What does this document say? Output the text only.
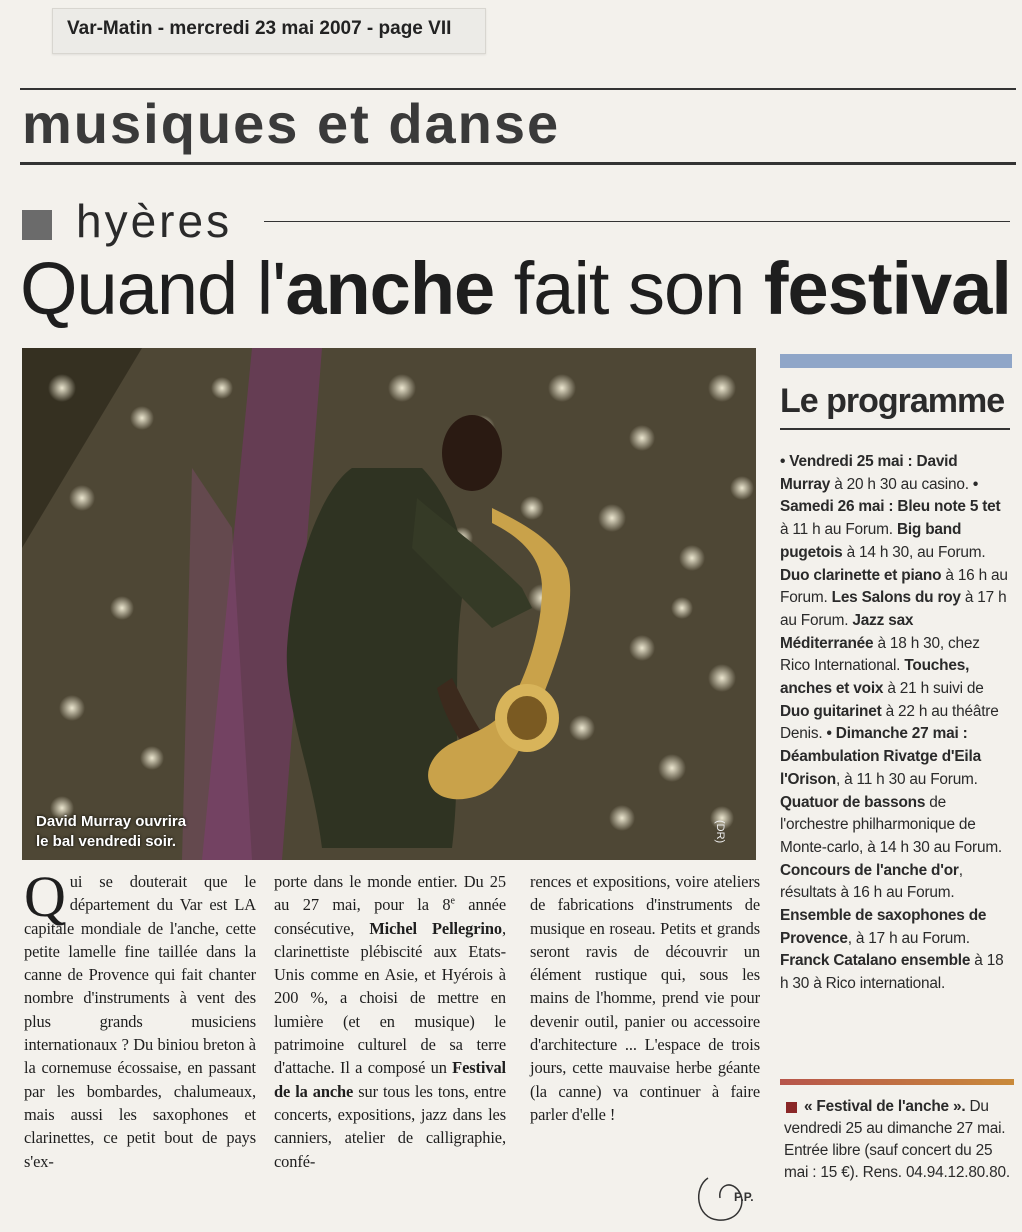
Var-Matin - mercredi 23 mai 2007 - page VII
musiques et danse
hyères
Quand l'anche fait son festival
David Murray ouvrira
le bal vendredi soir.	(DR)
Le programme
• Vendredi 25 mai : David Murray à 20 h 30 au casino. • Samedi 26 mai : Bleu note 5 tet à 11 h au Forum. Big band pugetois à 14 h 30, au Forum. Duo clarinette et piano à 16 h au Forum. Les Salons du roy à 17 h au Forum. Jazz sax Méditerranée à 18 h 30, chez Rico International. Touches, anches et voix à 21 h suivi de Duo guitarinet à 22 h au théâtre Denis. • Dimanche 27 mai : Déambulation Rivatge d'Eila l'Orison, à 11 h 30 au Forum. Quatuor de bassons de l'orchestre philharmonique de Monte-carlo, à 14 h 30 au Forum. Concours de l'anche d'or, résultats à 16 h au Forum. Ensemble de saxophones de Provence, à 17 h au Forum. Franck Catalano ensemble à 18 h 30 à Rico international.
« Festival de l'anche ». Du vendredi 25 au dimanche 27 mai. Entrée libre (sauf concert du 25 mai : 15 €). Rens. 04.94.12.80.80.
Qui se douterait que le département du Var est LA capitale mondiale de l'anche, cette petite lamelle fine taillée dans la canne de Provence qui fait chanter nombre d'instruments à vent des plus grands musiciens internationaux ? Du biniou breton à la cornemuse écossaise, en passant par les bombardes, chalumeaux, mais aussi les saxophones et clarinettes, ce petit bout de pays s'ex-
porte dans le monde entier. Du 25 au 27 mai, pour la 8e année consécutive, Michel Pellegrino, clarinettiste plébiscité aux Etats-Unis comme en Asie, et Hyérois à 200 %, a choisi de mettre en lumière (et en musique) le patrimoine culturel de sa terre d'attache. Il a composé un Festival de la anche sur tous les tons, entre concerts, expositions, jazz dans les canniers, atelier de calligraphie, confé-
rences et expositions, voire ateliers de fabrications d'instruments de musique en roseau. Petits et grands seront ravis de découvrir un élément rustique qui, sous les mains de l'homme, prend vie pour devenir outil, panier ou accessoire d'architecture ... L'espace de trois jours, cette mauvaise herbe géante (la canne) va continuer à faire parler d'elle !
P.P.
